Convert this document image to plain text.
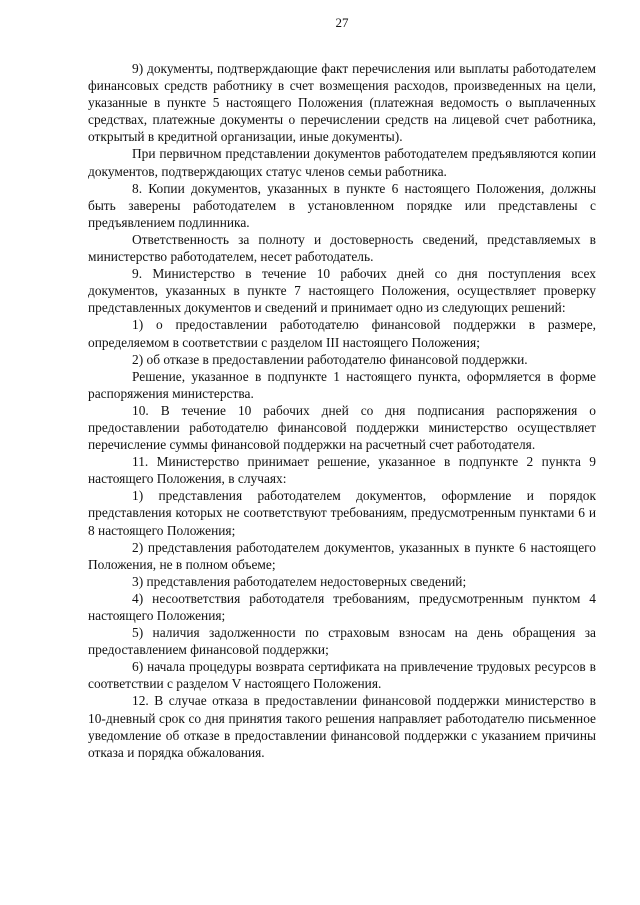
27

9) документы, подтверждающие факт перечисления или выплаты работодателем финансовых средств работнику в счет возмещения расходов, произведенных на цели, указанные в пункте 5 настоящего Положения (платежная ведомость о выплаченных средствах, платежные документы о перечислении средств на лицевой счет работника, открытый в кредитной организации, иные документы).

При первичном представлении документов работодателем предъявляются копии документов, подтверждающих статус членов семьи работника.

8. Копии документов, указанных в пункте 6 настоящего Положения, должны быть заверены работодателем в установленном порядке или представлены с предъявлением подлинника.

Ответственность за полноту и достоверность сведений, представляемых в министерство работодателем, несет работодатель.

9. Министерство в течение 10 рабочих дней со дня поступления всех документов, указанных в пункте 7 настоящего Положения, осуществляет проверку представленных документов и сведений и принимает одно из следующих решений:

1) о предоставлении работодателю финансовой поддержки в размере, определяемом в соответствии с разделом III настоящего Положения;

2) об отказе в предоставлении работодателю финансовой поддержки.

Решение, указанное в подпункте 1 настоящего пункта, оформляется в форме распоряжения министерства.

10. В течение 10 рабочих дней со дня подписания распоряжения о предоставлении работодателю финансовой поддержки министерство осуществляет перечисление суммы финансовой поддержки на расчетный счет работодателя.

11. Министерство принимает решение, указанное в подпункте 2 пункта 9 настоящего Положения, в случаях:

1) представления работодателем документов, оформление и порядок представления которых не соответствуют требованиям, предусмотренным пунктами 6 и 8 настоящего Положения;

2) представления работодателем документов, указанных в пункте 6 настоящего Положения, не в полном объеме;

3) представления работодателем недостоверных сведений;

4) несоответствия работодателя требованиям, предусмотренным пунктом 4 настоящего Положения;

5) наличия задолженности по страховым взносам на день обращения за предоставлением финансовой поддержки;

6) начала процедуры возврата сертификата на привлечение трудовых ресурсов в соответствии с разделом V настоящего Положения.

12. В случае отказа в предоставлении финансовой поддержки министерство в 10-дневный срок со дня принятия такого решения направляет работодателю письменное уведомление об отказе в предоставлении финансовой поддержки с указанием причины отказа и порядка обжалования.
